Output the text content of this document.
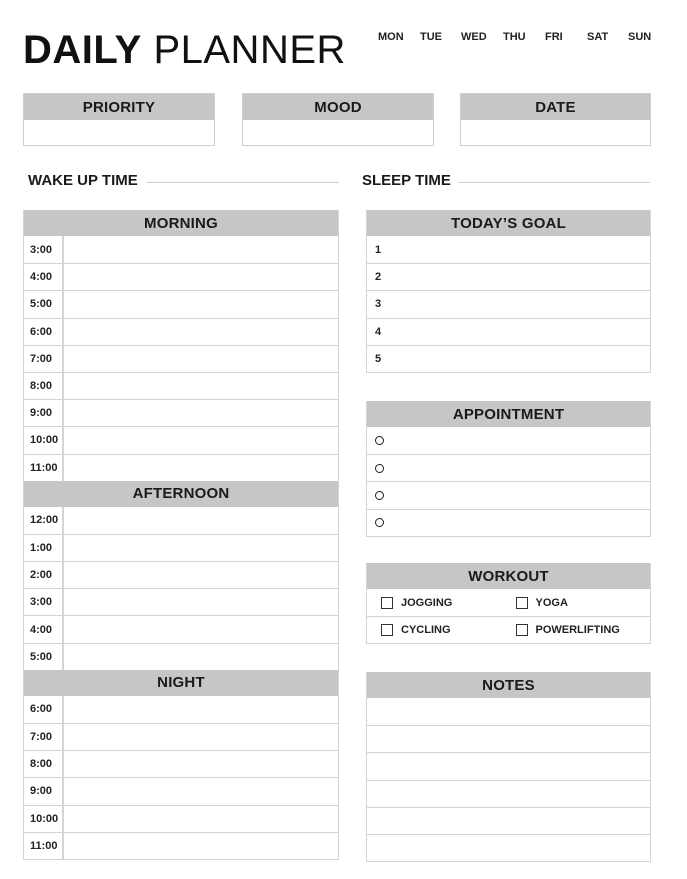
DAILY PLANNER	MON TUE WED THU FRI SAT SUN
PRIORITY	MOOD	DATE
WAKE UP TIME	SLEEP TIME
MORNING
3:00
4:00
5:00
6:00
7:00
8:00
9:00
10:00
11:00
AFTERNOON
12:00
1:00
2:00
3:00
4:00
5:00
NIGHT
6:00
7:00
8:00
9:00
10:00
11:00
TODAY’S GOAL
1
2
3
4
5
APPOINTMENT
WORKOUT
JOGGING	YOGA
CYCLING	POWERLIFTING
NOTES
